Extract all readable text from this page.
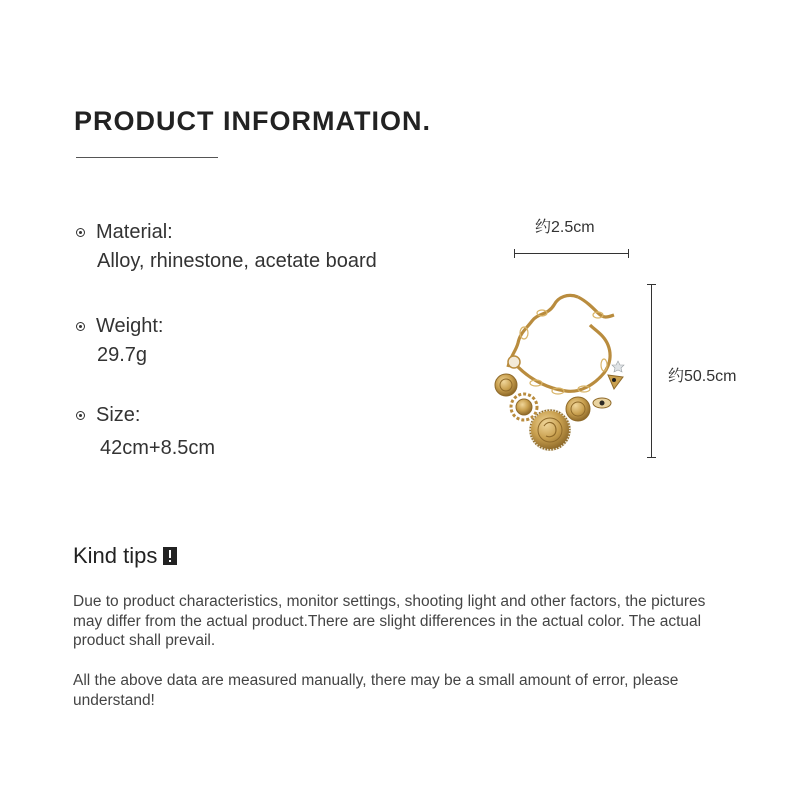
PRODUCT INFORMATION.
Material:
Alloy, rhinestone, acetate board
Weight:
29.7g
Size:
42cm+8.5cm
约2.5cm
约50.5cm
Kind tips
Due to product characteristics, monitor settings, shooting light and other factors, the pictures may differ from the actual product.There are slight differences in the actual color. The actual product shall prevail.
All the above data are measured manually, there may be a small amount of error, please understand!
